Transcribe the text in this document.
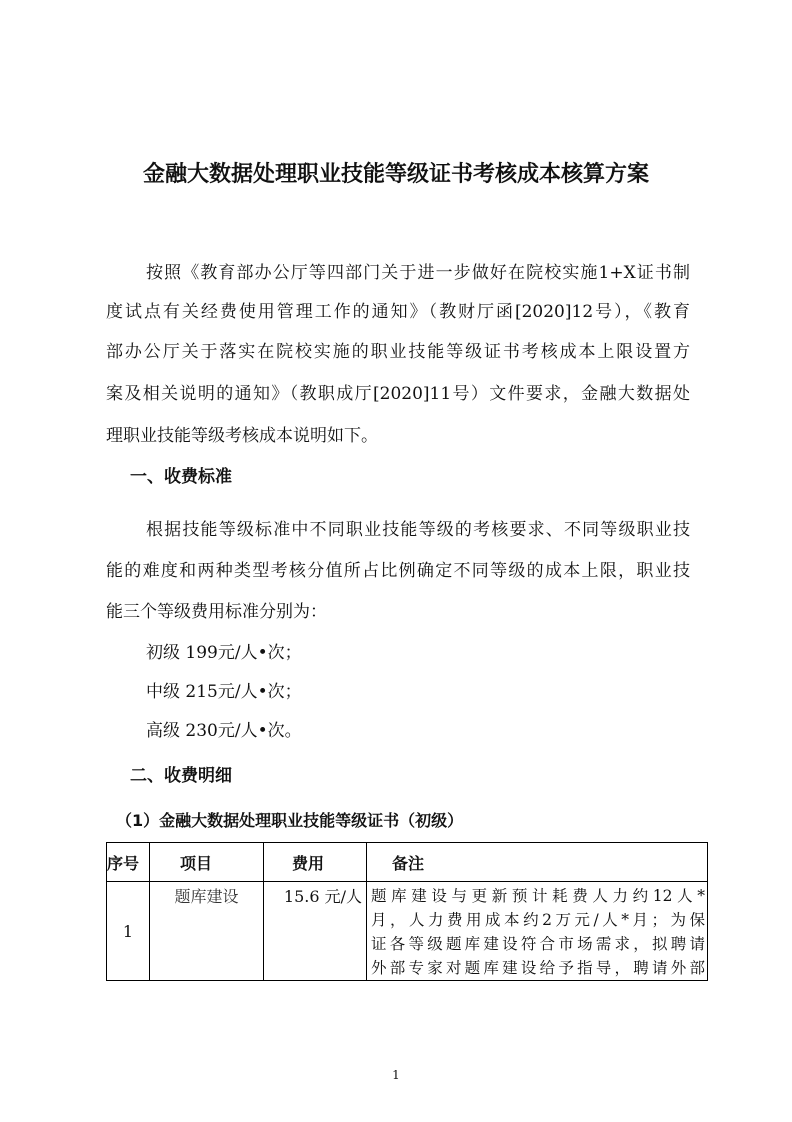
金融大数据处理职业技能等级证书考核成本核算方案
按照《教育部办公厅等四部门关于进一步做好在院校实施1+X证书制
度试点有关经费使用管理工作的通知》（教财厅函[2020]12号），《教育
部办公厅关于落实在院校实施的职业技能等级证书考核成本上限设置方
案及相关说明的通知》（教职成厅[2020]11号）文件要求，金融大数据处
理职业技能等级考核成本说明如下。
一、收费标准
根据技能等级标准中不同职业技能等级的考核要求、不同等级职业技
能的难度和两种类型考核分值所占比例确定不同等级的成本上限，职业技
能三个等级费用标准分别为：
初级 199元/人•次；
中级 215元/人•次；
高级 230元/人•次。
二、收费明细
（1）金融大数据处理职业技能等级证书（初级）
序号	项目	费用	备注
1	题库建设	15.6 元/人	题库建设与更新预计耗费人力约12人*
月，人力费用成本约2万元/人*月；为保
证各等级题库建设符合市场需求，拟聘请
外部专家对题库建设给予指导，聘请外部
1
